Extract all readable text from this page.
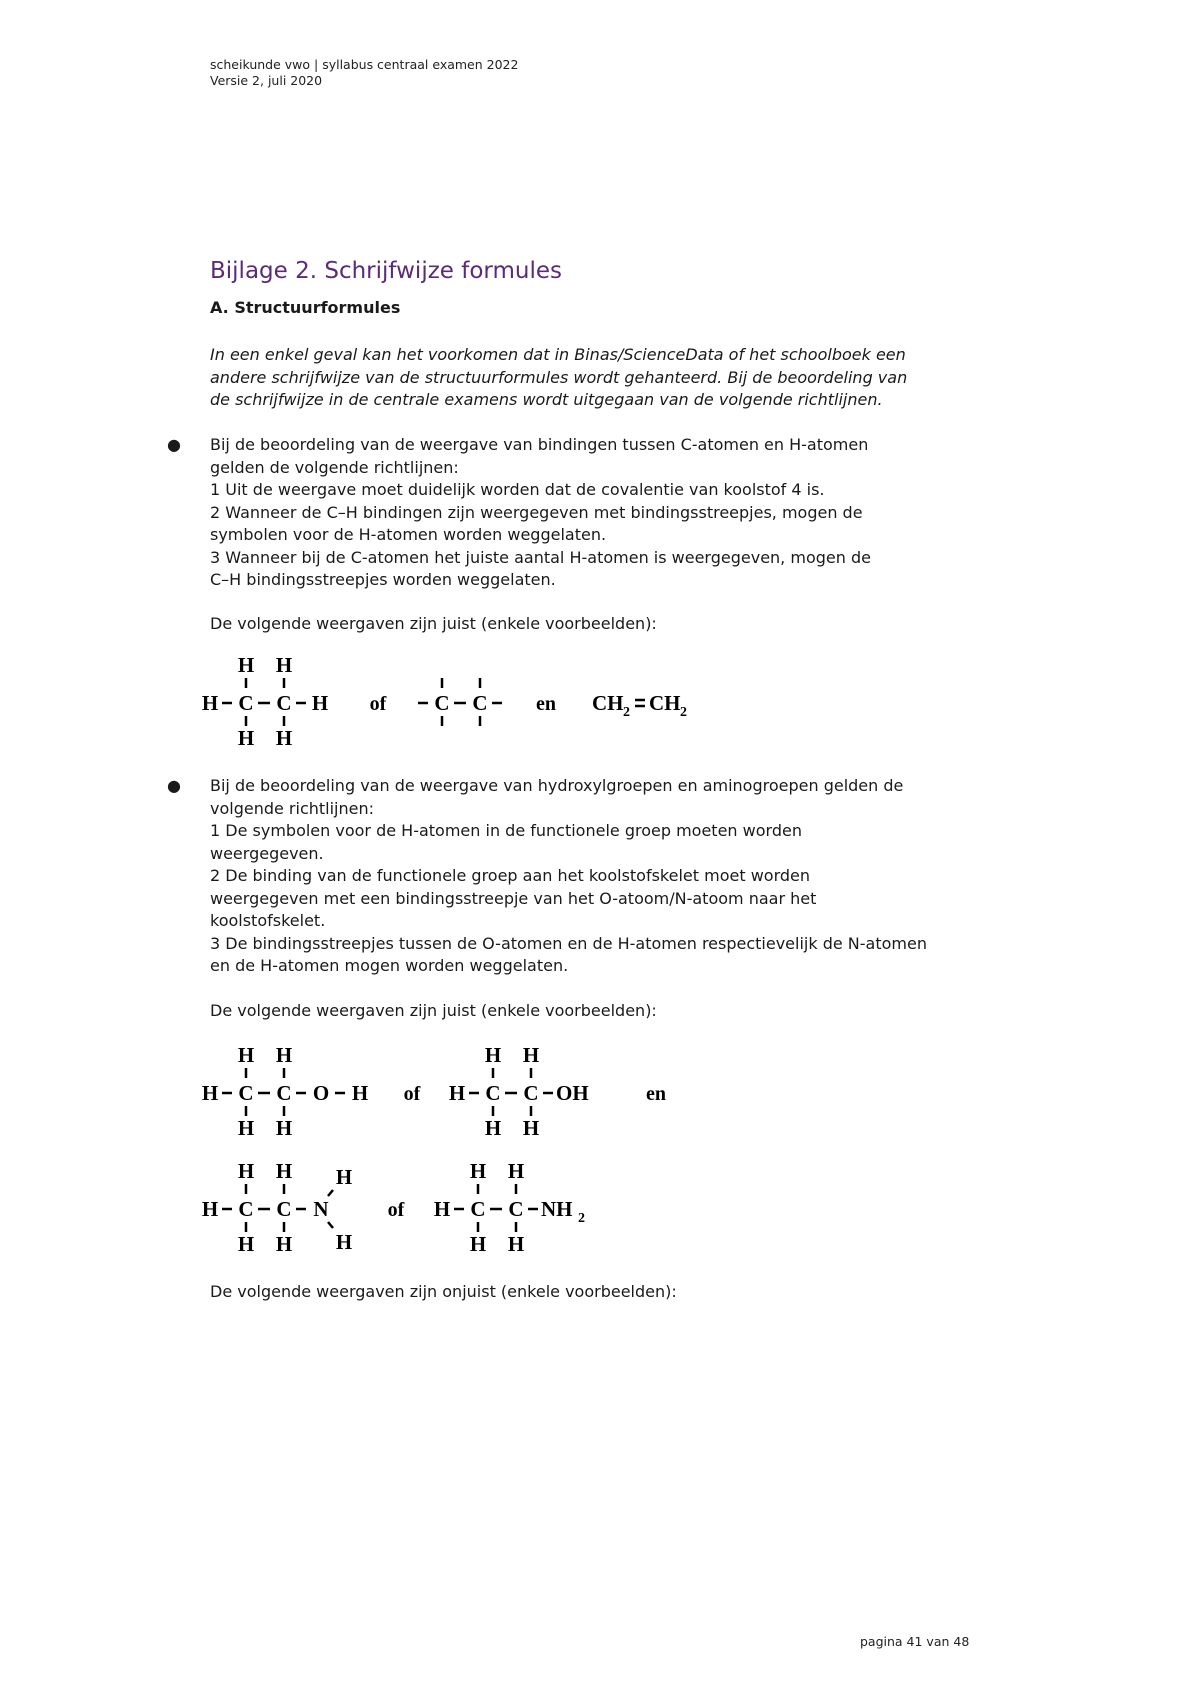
scheikunde vwo | syllabus centraal examen 2022
Versie 2, juli 2020
Bijlage 2. Schrijfwijze formules
A. Structuurformules
In een enkel geval kan het voorkomen dat in Binas/ScienceData of het schoolboek een
andere schrijfwijze van de structuurformules wordt gehanteerd. Bij de beoordeling van
de schrijfwijze in de centrale examens wordt uitgegaan van de volgende richtlijnen.
● Bij de beoordeling van de weergave van bindingen tussen C-atomen en H-atomen
gelden de volgende richtlijnen:
1 Uit de weergave moet duidelijk worden dat de covalentie van koolstof 4 is.
2 Wanneer de C–H bindingen zijn weergegeven met bindingsstreepjes, mogen de
symbolen voor de H-atomen worden weggelaten.
3 Wanneer bij de C-atomen het juiste aantal H-atomen is weergegeven, mogen de
C–H bindingsstreepjes worden weggelaten.
De volgende weergaven zijn juist (enkele voorbeelden):
H H
H C C H
H H
of C C en CH 2 CH 2
● Bij de beoordeling van de weergave van hydroxylgroepen en aminogroepen gelden de
volgende richtlijnen:
1 De symbolen voor de H-atomen in de functionele groep moeten worden
weergegeven.
2 De binding van de functionele groep aan het koolstofskelet moet worden
weergegeven met een bindingsstreepje van het O-atoom/N-atoom naar het
koolstofskelet.
3 De bindingsstreepjes tussen de O-atomen en de H-atomen respectievelijk de N-atomen
en de H-atomen mogen worden weggelaten.
De volgende weergaven zijn juist (enkele voorbeelden):
H H
H C C O H
H H
of
H H
H C C OH
H H
en
H H
H C C N
H
H
H H
of
H H
H C C NH 2
H H
De volgende weergaven zijn onjuist (enkele voorbeelden):
pagina 41 van 48
